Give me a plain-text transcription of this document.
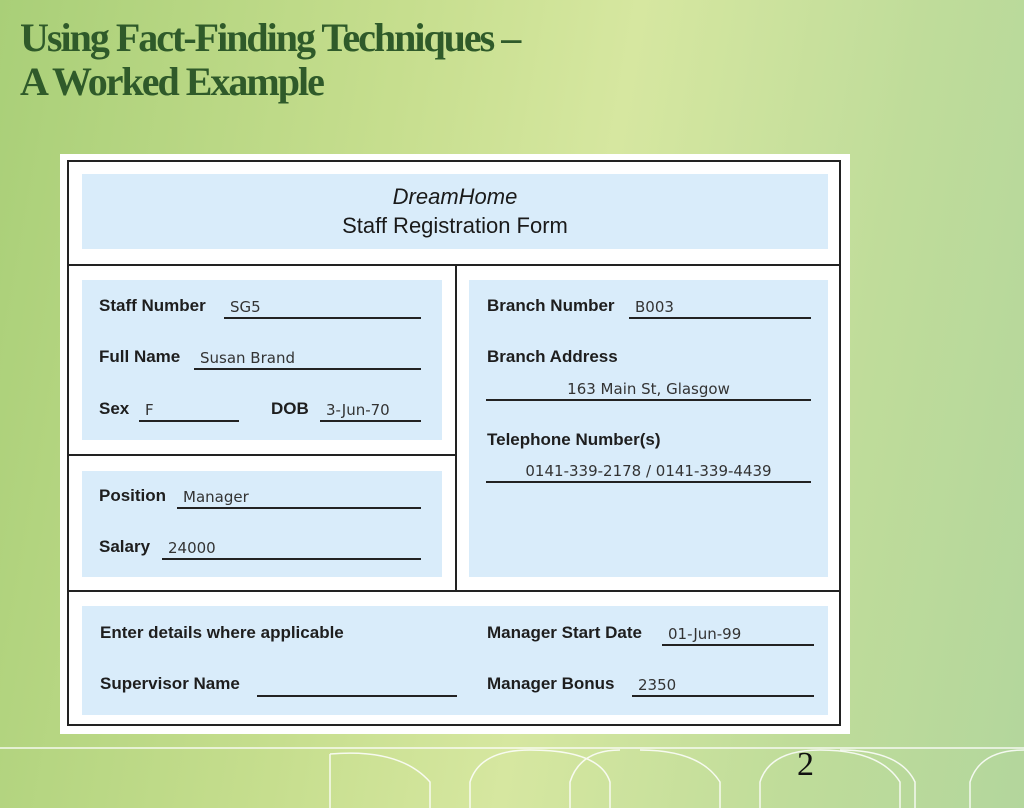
Using Fact-Finding Techniques –
A Worked Example
DreamHome
Staff Registration Form
Staff Number	SG5
Full Name	Susan Brand
Sex	F	DOB	3-Jun-70
Position	Manager
Salary	24000
Branch Number	B003
Branch Address
163 Main St, Glasgow
Telephone Number(s)
0141-339-2178 / 0141-339-4439
Enter details where applicable
Supervisor Name
Manager Start Date	01-Jun-99
Manager Bonus	2350
2
